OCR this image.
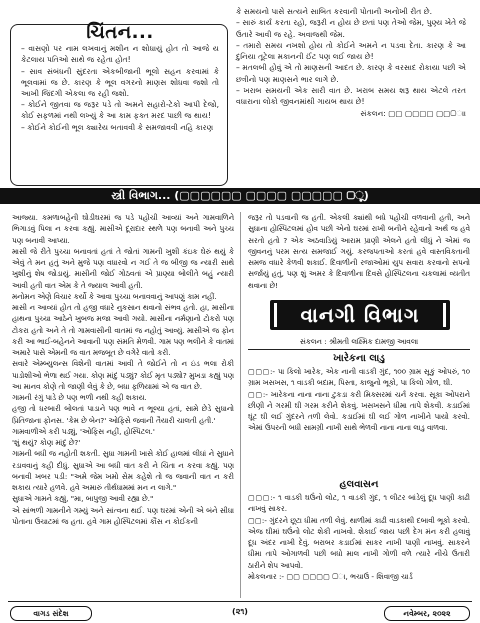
ચિંતન...

– વાસણો પર નામ લખવાનું મશીન ન શોધાયું હોત તો આજે ય કેટલાય પતિઓ સાથે જ રહેતા હોત!

– સાવ સંબંધની સુંદરતા એકબીજાની ભૂલો સહન કરવામાં કે ભૂલવામાં જ છે. કારણ કે ભૂલ વગરનો માણસ શોધવા જશો તો આખી જિંદગી એકલા જ રહી જશો.

– કોઈને જીતવા જ જરૂર પડે તો અમને સહારો-ટેકો આપી દેજો, કોઈ સફળમાં નથી લખ્યું કે આ કામ ફક્ત મરદ પાછી જ થાય!

– કોઈને કોઈની ભૂલ ક્યારેય બતાવવી કે સમજાવવી નહિ કારણ

કે સમયનો પાસે સત્યને સાબિત કરવાની પોતાની અનોખી રીત છે.

– સારું કાર્ય કરતા રહો, જરૂરી ન હોય છે છતાં પણ તેઓ જેમ, પુણ્ય ખેતે જે ઉતારે આવી જ રહે. અવાજથી જેમ.

– તમારો સમય નખશો હોય તો કોઈને અમને ન પડવા દેતા. કારણ કે આ દુનિયા તૂટેલા મકાનની ઈંટ પણ લઈ જાય છે!

– મતલબી હોવું એ તો માણસની આદત છે. કારણ કે વરસાદ રોકાયા પછી એ છત્રીનો પણ માણસને ભાર લાગે છે.

– ખરાબ સમયની એક સારી વાત છે. ખરાબ સમય શરૂ થાય એટલે તરત વધારાના લોકો જીવનમાંથી ગાયબ થાય છે!

સંકલન: ▢▢ ▢▢▢▢ ▢▢▢ાા
સ્ત્રી વિભાગ... (▢▢▢▢▢▢ ▢▢▢▢ ▢▢▢▢▢ ▢ૂ)

આજ્યા. કમળાબહેની ઘોડીઘરમાં જ પડે પહોંચી આવ્યાં અને ગામવાળિને ભિગાડવું પિલા ન કરવા કહ્યું. માસીએ દૂરાદાર સ્થળે પણ બનાવી અને પુચ્ચ પણ બનાવી આપ્યા.

માસી જે રીતે પુચ્ચા બનાવતાં હતાં તે જોતાં ગામની ખુશી કંઇક ઘેરું થયું કે એવું તે મન હતું અને મુજે પણ વધારવો ન ગઈ તે જ બીજી જ ન્યારી સાથે ખુશીનું શેષ જોડાયું. માસીની જોઈ ગોઠવતાં એ પ્રાણ્યા બોલીતે બહું ન્યારી આવી હતી વાત એમ કે તે જ્યાલ આવી હતી.

મનોમન એણે વિચાર કર્યો કે આવા પુચ્ચા બનાવવાનું આપણું કામ નહીં.

માસી ન આવ્યાં હોત તો હજી વધારે નુકસાન થવાનો સંભવ હતો. હા, માસીના હાથના પુચ્ચા આઠેને ખુબજ મજા આવી ગયો. માસીના નર્મણાનો ટોકરો પણ ટોકરા હતો અને તે તો ગામવાસીની વાતમાં જ નહોતું આવ્યું. માસીએ જ ફોન કરી આ ભાઈ-બહેનને આવાની પણ સંમતિ મેળવી. ગામ પણ ભલીને કે વાતમાં અમારે પાસે એમની જ વાત મજબૂત છે વગેરે વાતો કરી.

સવારે એમ્બ્યુલન્સ વિશેની વાતમાં આવી તે જોઈને તો ન ઇંડ ભલા રોકી પાડોશીઓ ભેળા થઈ ગયા. કોણ માંદું પડ્યું? કોઈ મૃત પડ્યો? મુખડા કહ્યું પણ આ માનવ કોણે તો જાણી લેવું કે છે, બધા ફળિયામાં એ જ વાત છે.

ગામની રંગું પાડે છે પણ ભળી નથી કહી શકાય.

હજી તો ધરબારી બોલતાં પાડાને પણ ભાવે ન ભૂલ્યા હતાં, સામે છેડે સુધાનો પ્રિતિજાના ફોનસ. 'કેમ છે બેન?' ઓફિસે જવાની તૈયારી ચાલતી હતી.'

ગામવાળીએ કરી પડ્યું, 'ઓફિસ નહીં, હોસ્પિટલ.'

'શું થયું? કોણ માંદું છે?'

ગામની બધી જ નહોતી શકતી. સુધા ગામની ખાસે કોઈ હાલમાં લીધાં ને સુધાને રડાવવાનું કહી દીધું. સુધાએ આ બધી વાત કરી ને ચિંતા ન કરવા કહ્યું. પણ બનાવી ખબર પડી: "અમે જેમ ખમો સેમ કહેશે તો જ જવાની વાત ન કરી શકાય ત્યારે હળવે. હવે અમારું તીર્થધામમાં મન ન લાગે."

સુધાએ ગામને કહ્યું, "મા, બાપુજી આવી રહ્યા છે."

એ સાંભળી ગામનીને ગમ્યું અને સાંત્વના થઈ. પણ ઘરમાં એની એ બંને સીધા પોતાના ઉચાટમાં જ હતા. હવે ગામ હોસ્પિટલમાં કૌંસ ન કોઈકની

જરૂર તો પડવાની જ હતી. એકલી ક્યાંથી બધે પહોંચી વળવાની હતી, અને સુધાના હોસ્પિટલમાં હોવ પછી એનો ઘરમાં રાખી બનીને રહેવાનો અર્થ જ હવે સરતો હતો ? એક અઠવાડિયું આરામ પ્રાણી એલને હતો લીધું ને એમાં જ જીવનનું પરમ સત્ય સમજાઈ ગયું. કરજપતાઓ કરતાં હવે વાસ્તવિકતાની સમજ વધારે કેળવી શકાઈ. દિવાળીની રજાઓમાં યુપ સવારા કરવાનો સપનો સર્જાયું હતું, પણ શું અમર કે દિવાળીના દિવસે હોસ્પિટલના ચકલામાં વ્યતીત થવાના છે!

વાનગી વિભાગ
સંકલન : શ્રીમતી લક્ષ્મિક દામજી આવલા
ખારેકના લાડુ

▢▢▢:- પા કિલો ખારેક, એક નાની વાડકી ગુંદ, ૧૦૦ ગ્રામ સૂકું ઓપરું, ૧૦ ગ્રામ ખસખસ, ૧ વાડકી બદામ, પિસ્તા, કાજુનો ભૂકો, પા કિલો ગોળ, ઘી.

▢▢:- ખારેકના નાના નાના ટુકડા કરી મિક્સરમાં ચર્ન કરવા. સૂકા ઓપરાને છીણી ને ગરમી ઘી ગરમ કરીને શેકવું. ખસખસને ધીમા તાપે શેકવી. કડાઈમાં ઘૂંટ ઘી લઈ ગુંદરને તળી લેવો. કડાઈમાં ઘી લઈ ગોળ નાખીને પાયો કરવો. એમાં ઉપરની બધી સામગ્રી નાખી સાથે ભેળવી નાના નાના લાડુ વાળવા.

હલવાસન

▢▢▢:- ૧ વાડકી ઘઉંનો લોટ, ૧ વાડકી ગુંદ, ૧ લીટર બાંડેલું દૂધ પાણી કાઢી નાખવું સાકર.

▢▢:- ગુંદરને છૂટા ધીમા તળી લેવું. થાળીમાં કાઢી વાડકાથી દબાવી ભૂકો કરવો. એજ ઘીમાં ઘઉંનો લોટ શેકી નાખવો. શેકાઈ જાય પછી દેગ મંન કરી હલાવું દૂધ અંદર નાખી દેવું. બરાબર કડાઈમાં સાકર નાખી પાણી નાખવું. સાકરને ધીમા તાપે ઓગાળવી પછી બધો માલ નાખી ગોળી વળે ત્યારે નીચે ઉતારી ઠારીને શેપ આપવો.

મોકલનાર :- ▢▢ ▢▢▢▢ ▢ા, ભચાઉ - શિવાજી ચાર્ડ

વાગડ સંદેશ	(૨૧)	નવેમ્બર, ૨૦૨૨
